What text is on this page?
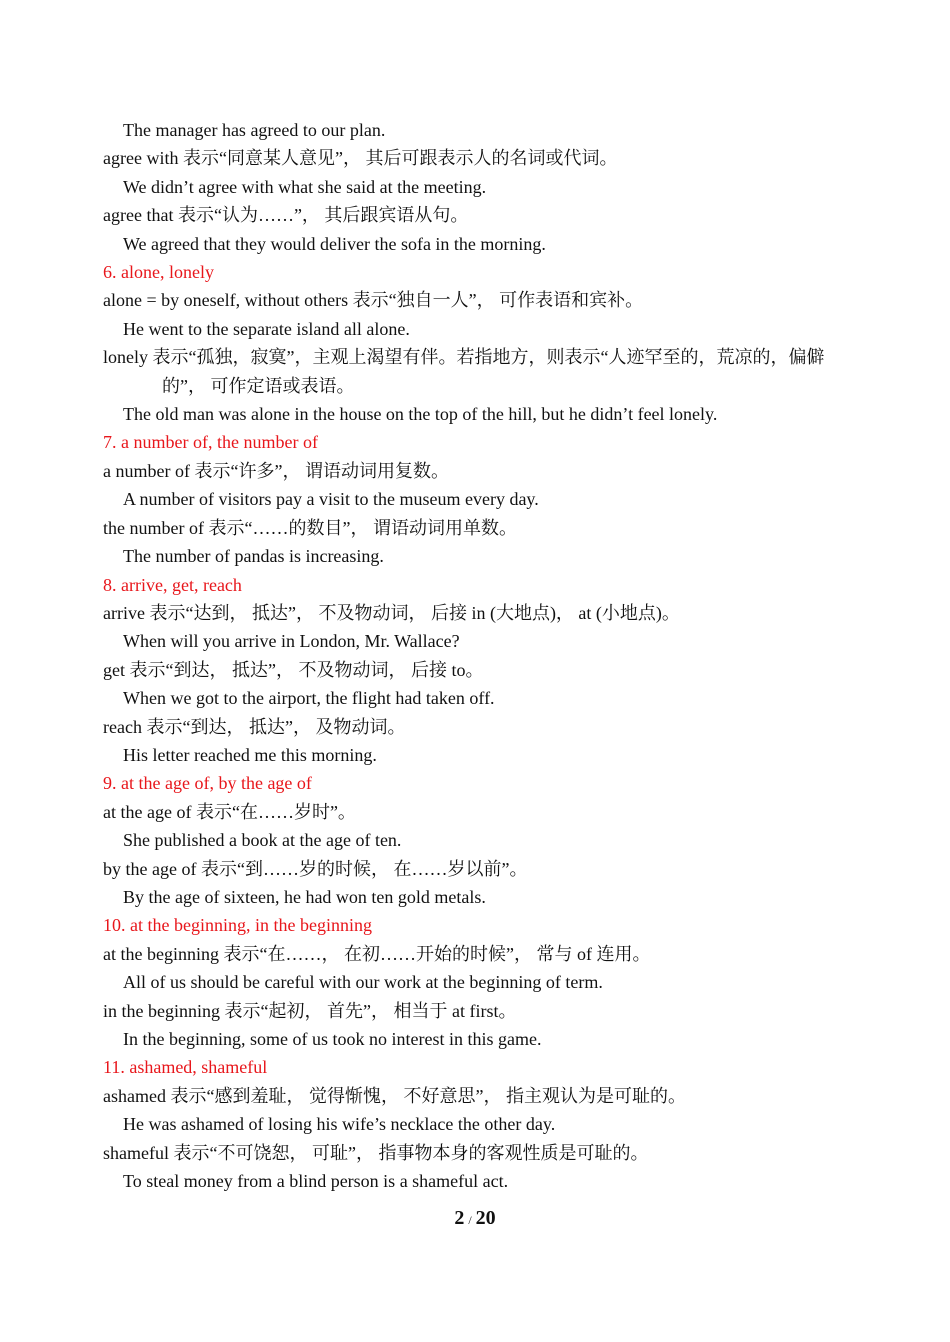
The manager has agreed to our plan.
agree with 表示“同意某人意见”， 其后可跟表示人的名词或代词。
We didn’t agree with what she said at the meeting.
agree that 表示“认为……”， 其后跟宾语从句。
We agreed that they would deliver the sofa in the morning.
6. alone, lonely
alone = by oneself, without others 表示“独自一人”， 可作表语和宾补。
He went to the separate island all alone.
lonely 表示“孤独，寂寞”，主观上渴望有伴。若指地方，则表示“人迹罕至的，荒凉的，偏僻的”， 可作定语或表语。
The old man was alone in the house on the top of the hill, but he didn’t feel lonely.
7. a number of, the number of
a number of 表示“许多”， 谓语动词用复数。
A number of visitors pay a visit to the museum every day.
the number of 表示“……的数目”， 谓语动词用单数。
The number of pandas is increasing.
8. arrive, get, reach
arrive 表示“达到， 抵达”， 不及物动词， 后接 in (大地点)， at (小地点)。
When will you arrive in London, Mr. Wallace?
get 表示“到达， 抵达”， 不及物动词， 后接 to。
When we got to the airport, the flight had taken off.
reach 表示“到达， 抵达”， 及物动词。
His letter reached me this morning.
9. at the age of, by the age of
at the age of 表示“在……岁时”。
She published a book at the age of ten.
by the age of 表示“到……岁的时候， 在……岁以前”。
By the age of sixteen, he had won ten gold metals.
10. at the beginning, in the beginning
at the beginning 表示“在……， 在初……开始的时候”， 常与 of 连用。
All of us should be careful with our work at the beginning of term.
in the beginning 表示“起初， 首先”， 相当于 at first。
In the beginning, some of us took no interest in this game.
11. ashamed, shameful
ashamed 表示“感到羞耻， 觉得惭愧， 不好意思”， 指主观认为是可耻的。
He was ashamed of losing his wife’s necklace the other day.
shameful 表示“不可饶恕， 可耻”， 指事物本身的客观性质是可耻的。
To steal money from a blind person is a shameful act.
2 / 20
